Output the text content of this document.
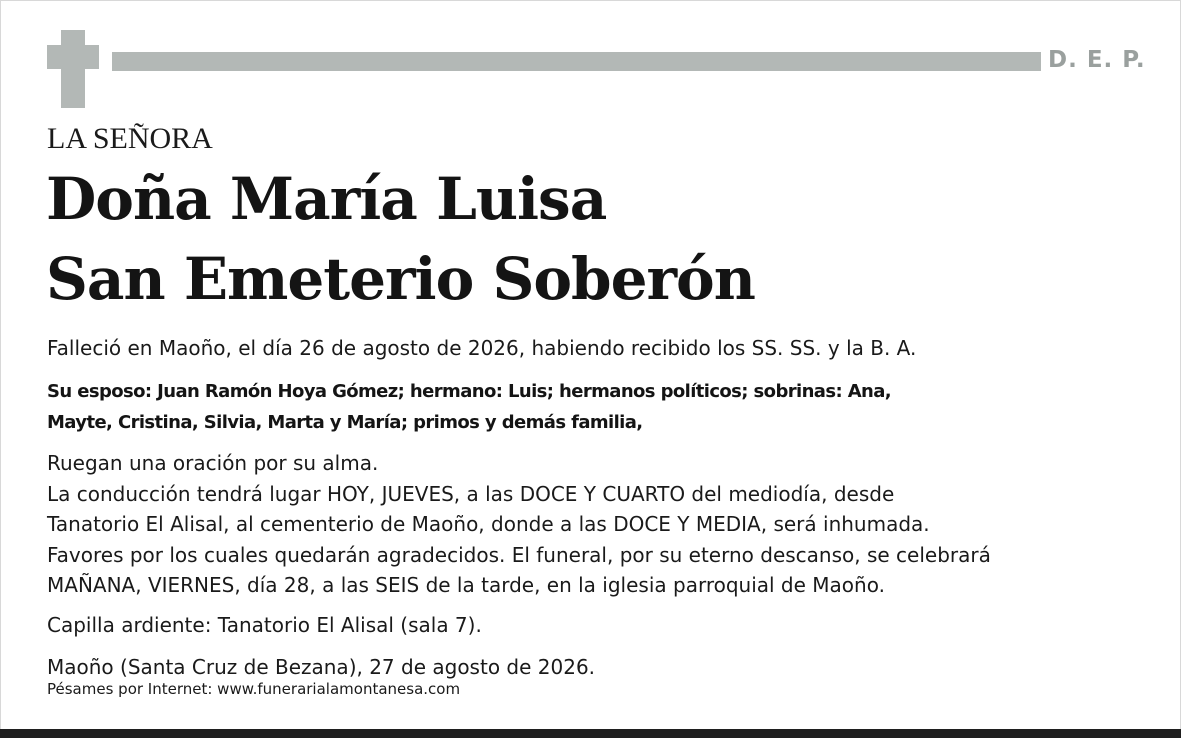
D. E. P.
LA SEÑORA
Doña María Luisa
San Emeterio Soberón
Falleció en Maoño, el día 26 de agosto de 2026, habiendo recibido los SS. SS. y la B. A.
Su esposo: Juan Ramón Hoya Gómez; hermano: Luis; hermanos políticos; sobrinas: Ana,
Mayte, Cristina, Silvia, Marta y María; primos y demás familia,
Ruegan una oración por su alma.
La conducción tendrá lugar HOY, JUEVES, a las DOCE Y CUARTO del mediodía, desde
Tanatorio El Alisal, al cementerio de Maoño, donde a las DOCE Y MEDIA, será inhumada.
Favores por los cuales quedarán agradecidos. El funeral, por su eterno descanso, se celebrará
MAÑANA, VIERNES, día 28, a las SEIS de la tarde, en la iglesia parroquial de Maoño.
Capilla ardiente: Tanatorio El Alisal (sala 7).
Maoño (Santa Cruz de Bezana), 27 de agosto de 2026.
Pésames por Internet: www.funerarialamontanesa.com
